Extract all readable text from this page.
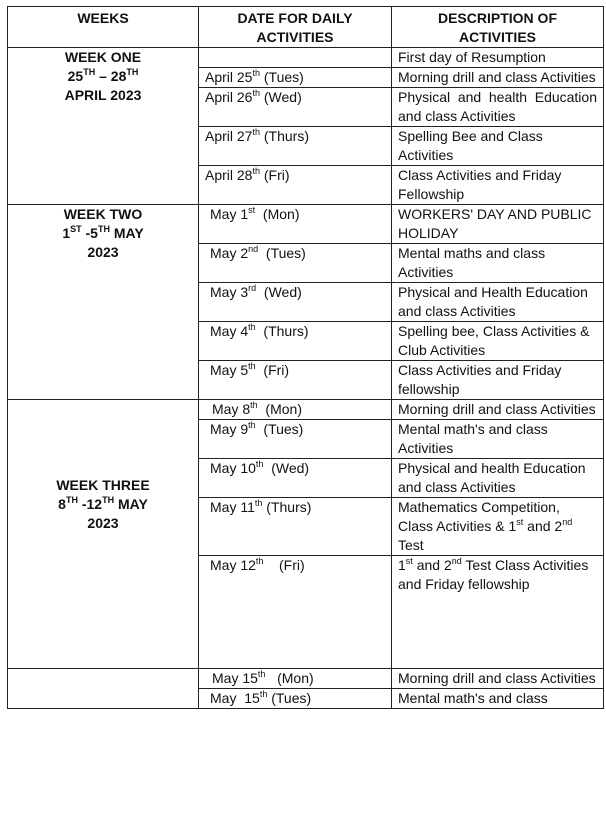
WEEKS	DATE FOR DAILY ACTIVITIES	DESCRIPTION OF ACTIVITIES

WEEK ONE
25TH – 28TH
APRIL 2023		First day of Resumption
	April 25th (Tues)	Morning drill and class Activities
	April 26th (Wed)	Physical and health Education and class Activities
	April 27th (Thurs)	Spelling Bee and Class Activities
	April 28th (Fri)	Class Activities and Friday Fellowship

WEEK TWO
1ST -5TH MAY
2023	May 1st  (Mon)	WORKERS' DAY AND PUBLIC HOLIDAY
	May 2nd  (Tues)	Mental maths and class Activities
	May 3rd  (Wed)	Physical and Health Education and class Activities
	May 4th  (Thurs)	Spelling bee, Class Activities & Club Activities
	May 5th  (Fri)	Class Activities and Friday fellowship

WEEK THREE
8TH -12TH MAY
2023	May 8th  (Mon)	Morning drill and class Activities
	May 9th  (Tues)	Mental math's and class Activities
	May 10th  (Wed)	Physical and health Education and class Activities
	May 11th (Thurs)	Mathematics Competition, Class Activities & 1st and 2nd Test
	May 12th    (Fri)	1st and 2nd Test Class Activities and Friday fellowship
	May 15th   (Mon)	Morning drill and class Activities
	May  15th (Tues)	Mental math's and class
